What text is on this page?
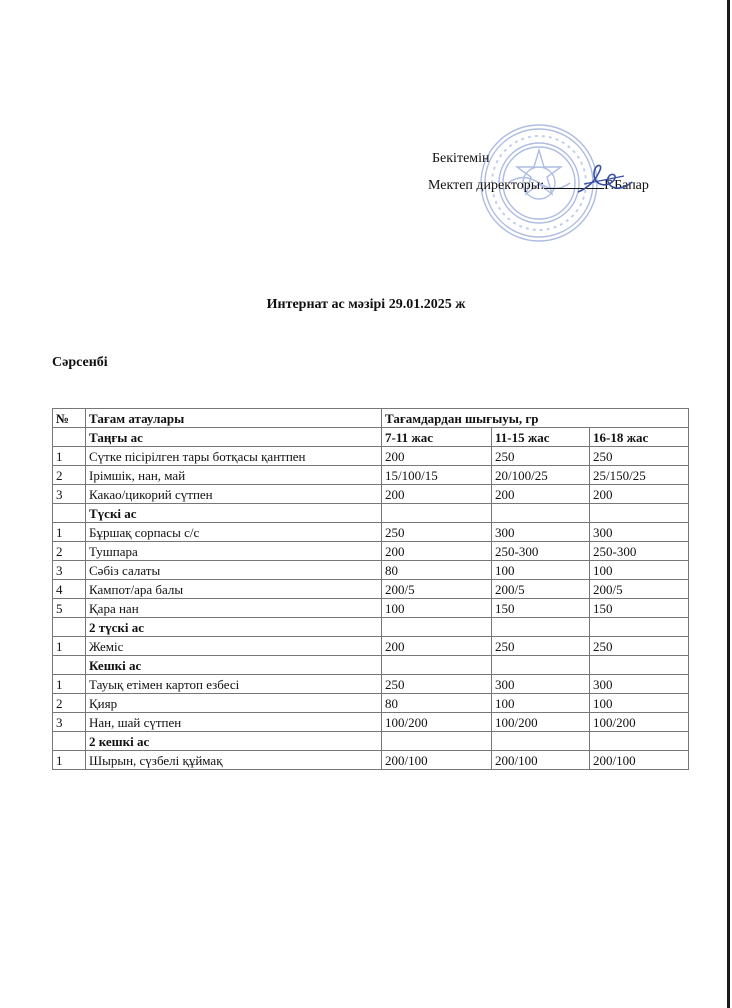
Бекітемін
Мектеп директоры:	Г.Бапар
Интернат ас мәзірі 29.01.2025 ж
Сәрсенбі
№	Тағам атаулары	Тағамдардан шығыуы, гр		
	Таңғы ас	7-11 жас	11-15 жас	16-18 жас
1	Сүтке пісірілген тары ботқасы қантпен	200	250	250
2	Ірімшік, нан, май	15/100/15	20/100/25	25/150/25
3	Какао/цикорий сүтпен	200	200	200
	Түскі ас			
1	Бұршақ сорпасы с/с	250	300	300
2	Тушпара	200	250-300	250-300
3	Сәбіз салаты	80	100	100
4	Кампот/ара балы	200/5	200/5	200/5
5	Қара нан	100	150	150
	2 түскі ас			
1	Жеміс	200	250	250
	Кешкі ас			
1	Тауық етімен картоп езбесі	250	300	300
2	Қияр	80	100	100
3	Нан, шай сүтпен	100/200	100/200	100/200
	2 кешкі ас			
1	Шырын, сүзбелі құймақ	200/100	200/100	200/100
